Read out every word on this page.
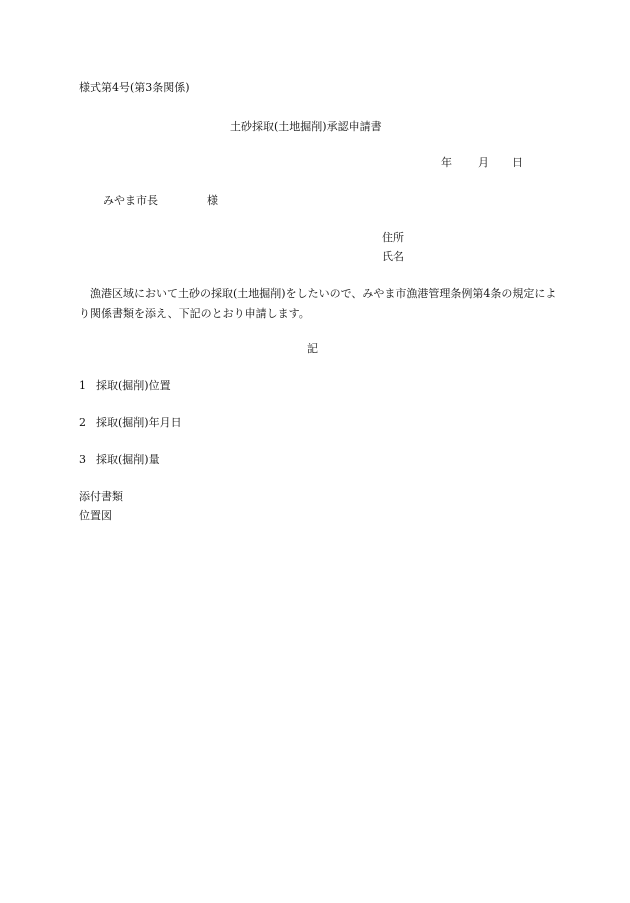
様式第4号(第3条関係)
土砂採取(土地掘削)承認申請書
年 月 日
みやま市長	様
住所
氏名
漁港区域において土砂の採取(土地掘削)をしたいので、みやま市漁港管理条例第4条の規定により関係書類を添え、下記のとおり申請します。
記
1 採取(掘削)位置
2 採取(掘削)年月日
3 採取(掘削)量
添付書類
位置図
